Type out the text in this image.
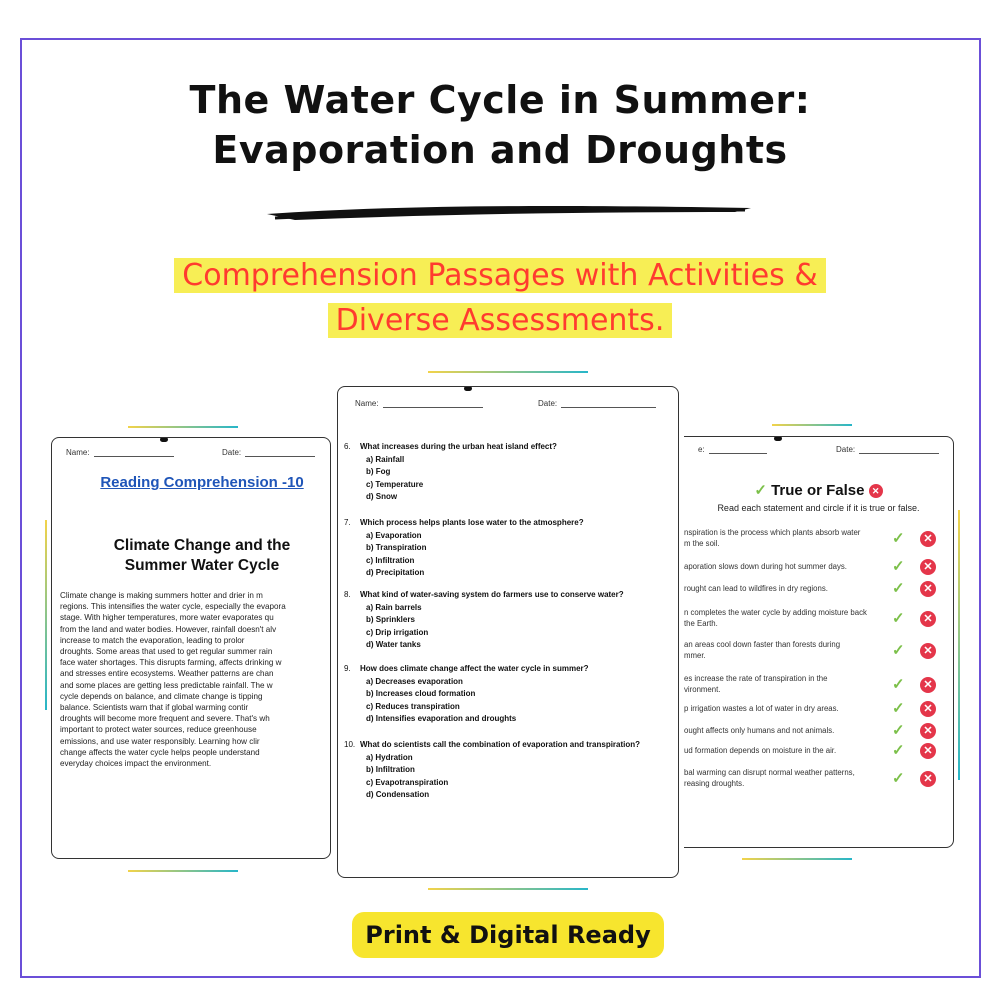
The Water Cycle in Summer:
Evaporation and Droughts
Comprehension Passages with Activities &
Diverse Assessments.
Name:	Date:
Reading Comprehension -10
Climate Change and the
Summer Water Cycle
Climate change is making summers hotter and drier in m
regions. This intensifies the water cycle, especially the evapora
stage. With higher temperatures, more water evaporates qu
from the land and water bodies. However, rainfall doesn't alv
increase to match the evaporation, leading to prolor
droughts. Some areas that used to get regular summer rain
face water shortages. This disrupts farming, affects drinking w
and stresses entire ecosystems. Weather patterns are chan
and some places are getting less predictable rainfall. The w
cycle depends on balance, and climate change is tipping
balance. Scientists warn that if global warming contir
droughts will become more frequent and severe. That's wh
important to protect water sources, reduce greenhouse
emissions, and use water responsibly. Learning how clir
change affects the water cycle helps people understand
everyday choices impact the environment.
Name:	Date:
6. What increases during the urban heat island effect?
a) Rainfall
b) Fog
c) Temperature
d) Snow
7. Which process helps plants lose water to the atmosphere?
a) Evaporation
b) Transpiration
c) Infiltration
d) Precipitation
8. What kind of water-saving system do farmers use to conserve water?
a) Rain barrels
b) Sprinklers
c) Drip irrigation
d) Water tanks
9. How does climate change affect the water cycle in summer?
a) Decreases evaporation
b) Increases cloud formation
c) Reduces transpiration
d) Intensifies evaporation and droughts
10. What do scientists call the combination of evaporation and transpiration?
a) Hydration
b) Infiltration
c) Evapotranspiration
d) Condensation
e:	Date:
✓ True or False ✕
Read each statement and circle if it is true or false.
nspiration is the process which plants absorb water
m the soil.	✓	✕
aporation slows down during hot summer days.	✓	✕
rought can lead to wildfires in dry regions.	✓	✕
n completes the water cycle by adding moisture back
the Earth.	✓	✕
an areas cool down faster than forests during
mmer.	✓	✕
es increase the rate of transpiration in the
vironment.	✓	✕
p irrigation wastes a lot of water in dry areas.	✓	✕
ought affects only humans and not animals.	✓	✕
ud formation depends on moisture in the air.	✓	✕
bal warming can disrupt normal weather patterns,
reasing droughts.	✓	✕
Print & Digital Ready
